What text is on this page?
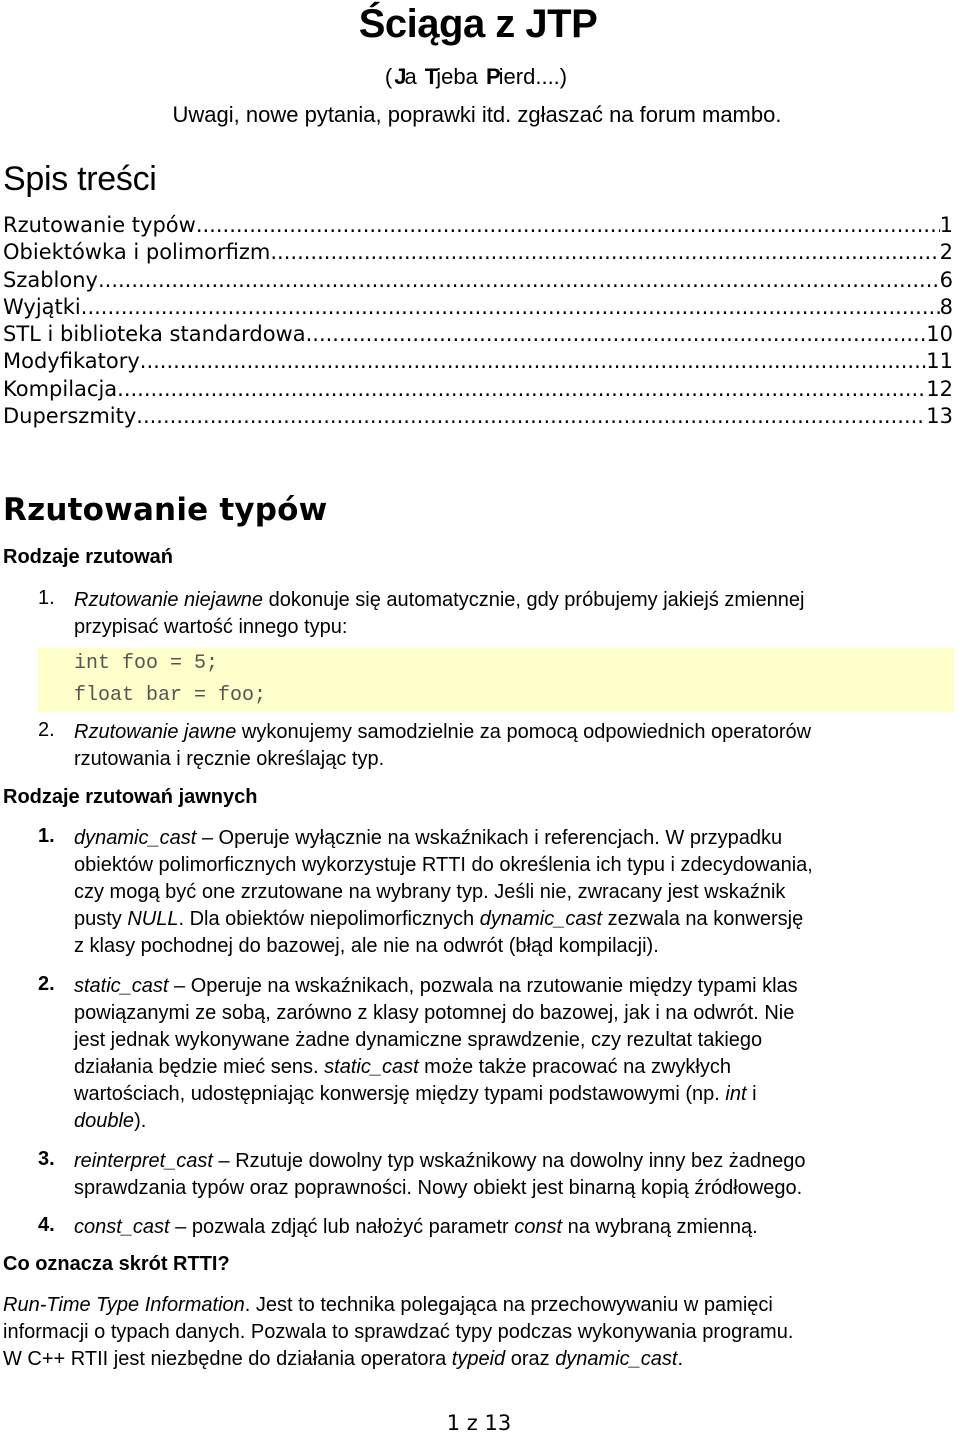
Ściąga z JTP
(Ja Tjeba Pierd....)
Uwagi, nowe pytania, poprawki itd. zgłaszać na forum mambo.
Spis treści
Rzutowanie typów .....	1
Obiektówka i polimorfizm .....	2
Szablony .....	6
Wyjątki .....	8
STL i biblioteka standardowa .....	10
Modyfikatory .....	11
Kompilacja .....	12
Duperszmity .....	13
Rzutowanie typów
Rodzaje rzutowań
1. Rzutowanie niejawne dokonuje się automatycznie, gdy próbujemy jakiejś zmiennej
przypisać wartość innego typu:
int foo = 5;
float bar = foo;
2. Rzutowanie jawne wykonujemy samodzielnie za pomocą odpowiednich operatorów
rzutowania i ręcznie określając typ.
Rodzaje rzutowań jawnych
1. dynamic_cast – Operuje wyłącznie na wskaźnikach i referencjach. W przypadku
obiektów polimorficznych wykorzystuje RTTI do określenia ich typu i zdecydowania,
czy mogą być one zrzutowane na wybrany typ. Jeśli nie, zwracany jest wskaźnik
pusty NULL. Dla obiektów niepolimorficznych dynamic_cast zezwala na konwersję
z klasy pochodnej do bazowej, ale nie na odwrót (błąd kompilacji).
2. static_cast – Operuje na wskaźnikach, pozwala na rzutowanie między typami klas
powiązanymi ze sobą, zarówno z klasy potomnej do bazowej, jak i na odwrót. Nie
jest jednak wykonywane żadne dynamiczne sprawdzenie, czy rezultat takiego
działania będzie mieć sens. static_cast może także pracować na zwykłych
wartościach, udostępniając konwersję między typami podstawowymi (np. int i
double).
3. reinterpret_cast – Rzutuje dowolny typ wskaźnikowy na dowolny inny bez żadnego
sprawdzania typów oraz poprawności. Nowy obiekt jest binarną kopią źródłowego.
4. const_cast – pozwala zdjąć lub nałożyć parametr const na wybraną zmienną.
Co oznacza skrót RTTI?
Run-Time Type Information. Jest to technika polegająca na przechowywaniu w pamięci
informacji o typach danych. Pozwala to sprawdzać typy podczas wykonywania programu.
W C++ RTII jest niezbędne do działania operatora typeid oraz dynamic_cast.
1 z 13
